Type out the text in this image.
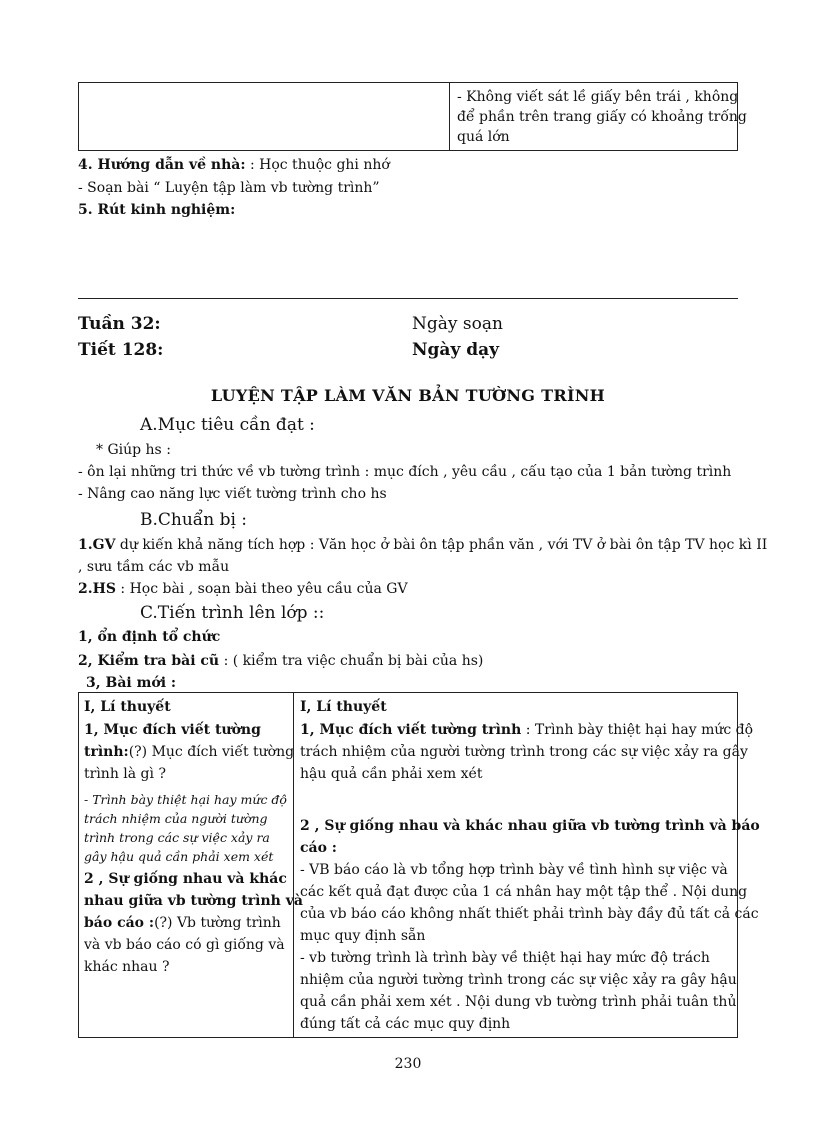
- Không viết sát lề giấy bên trái , không
để phần trên trang giấy có khoảng trống
quá lớn
4. Hướng dẫn về nhà: : Học thuộc ghi nhớ
- Soạn bài “ Luyện tập làm vb tường trình”
5. Rút kinh nghiệm:
Tuần 32:
Tiết 128:
Ngày soạn
Ngày dạy
LUYỆN TẬP LÀM VĂN BẢN TƯỜNG TRÌNH
A.Mục tiêu cần đạt :
* Giúp hs :
- ôn lại những tri thức về vb tường trình : mục đích , yêu cầu , cấu tạo của 1 bản tường trình
- Nâng cao năng lực viết tường trình cho hs
B.Chuẩn bị :
1.GV dự kiến khả năng tích hợp : Văn học ở bài ôn tập phần văn , với TV ở bài ôn tập TV học kì II
, sưu tầm các vb mẫu
2.HS : Học bài , soạn bài theo yêu cầu của GV
C.Tiến trình lên lớp ::
1, ổn định tổ chức
2, Kiểm tra bài cũ : ( kiểm tra việc chuẩn bị bài của hs)
3, Bài mới :
I, Lí thuyết
1, Mục đích viết tường
trình:(?) Mục đích viết tường
trình là gì ?
- Trình bày thiệt hại hay mức độ
trách nhiệm của người tường
trình trong các sự việc xảy ra
gây hậu quả cần phải xem xét
2 , Sự giống nhau và khác
nhau giữa vb tường trình và
báo cáo :(?) Vb tường trình
và vb báo cáo có gì giống và
khác nhau ?
I, Lí thuyết
1, Mục đích viết tường trình : Trình bày thiệt hại hay mức độ
trách nhiệm của người tường trình trong các sự việc xảy ra gây
hậu quả cần phải xem xét
2 , Sự giống nhau và khác nhau giữa vb tường trình và báo
cáo :
- VB báo cáo là vb tổng hợp trình bày về tình hình sự việc và
các kết quả đạt được của 1 cá nhân hay một tập thể . Nội dung
của vb báo cáo không nhất thiết phải trình bày đầy đủ tất cả các
mục quy định sẵn
- vb tường trình là trình bày về thiệt hại hay mức độ trách
nhiệm của người tường trình trong các sự việc xảy ra gây hậu
quả cần phải xem xét . Nội dung vb tường trình phải tuân thủ
đúng tất cả các mục quy định
230
